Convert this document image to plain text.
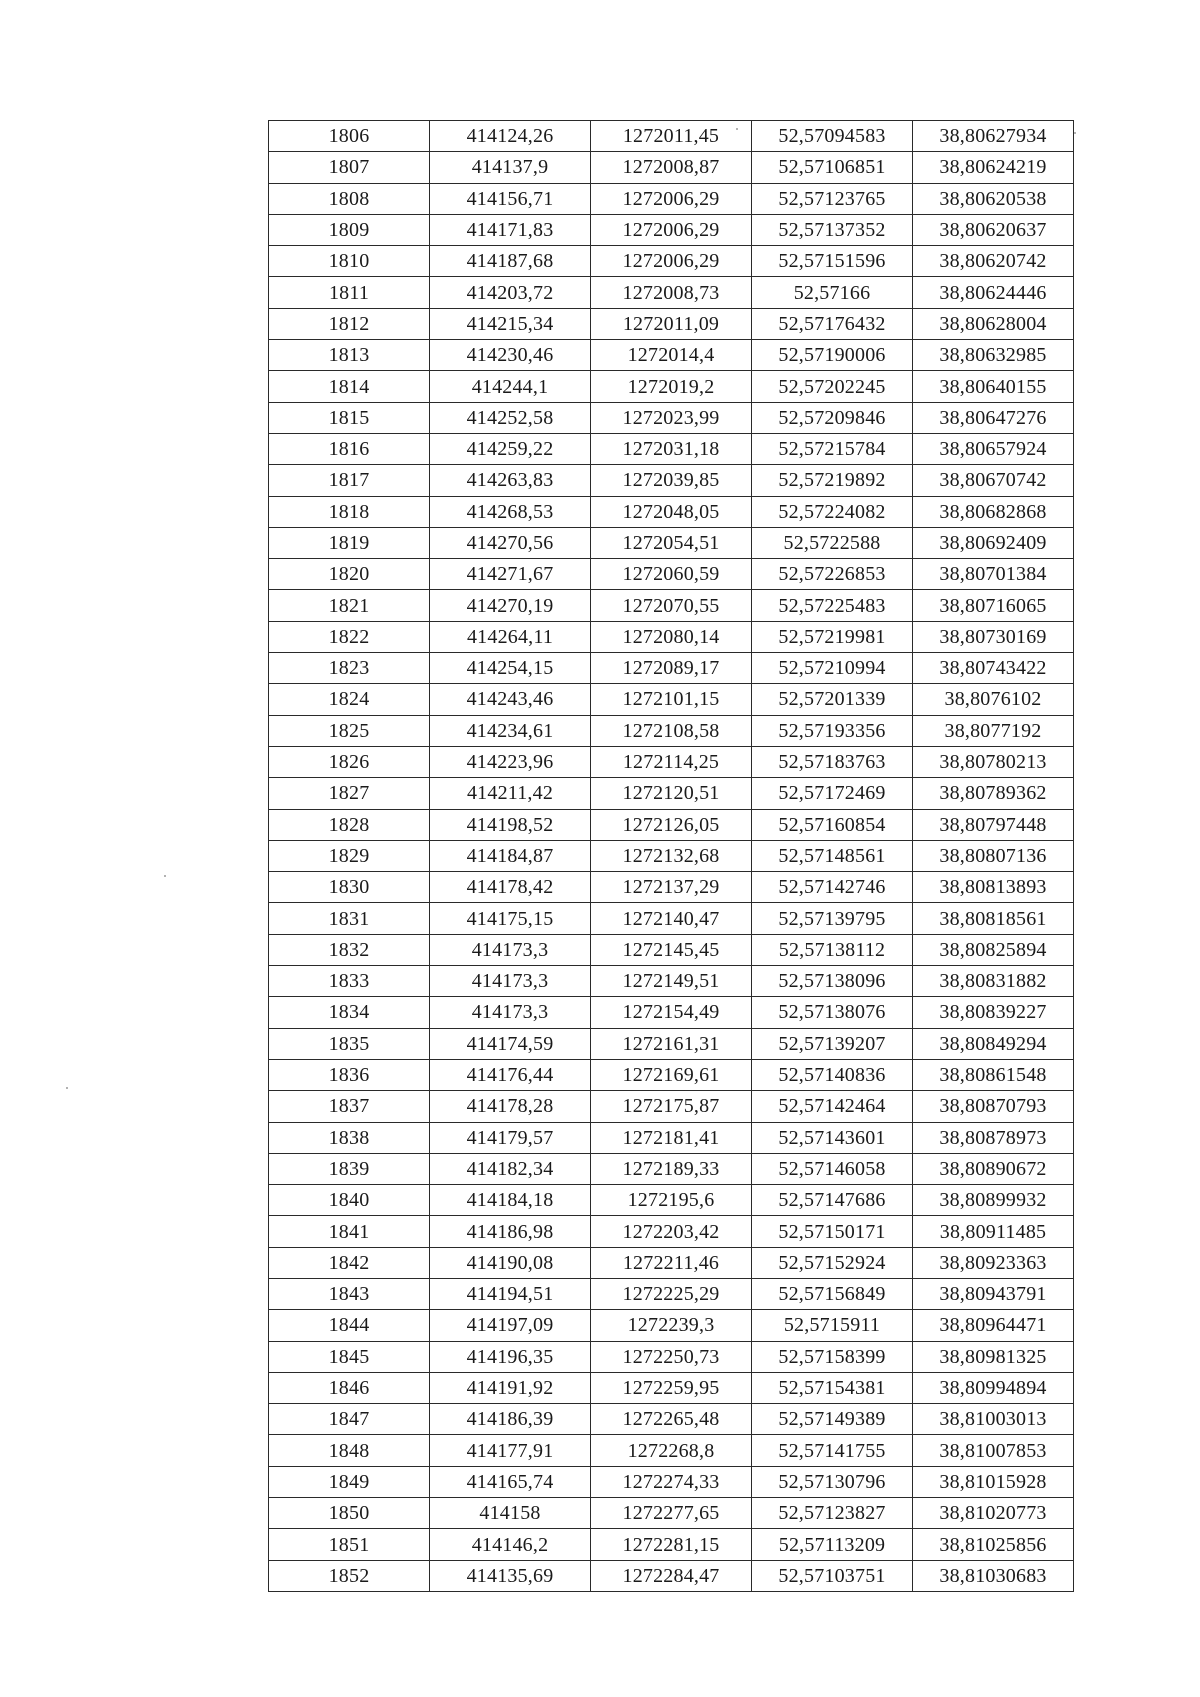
1806	414124,26	1272011,45	52,57094583	38,80627934
1807	414137,9	1272008,87	52,57106851	38,80624219
1808	414156,71	1272006,29	52,57123765	38,80620538
1809	414171,83	1272006,29	52,57137352	38,80620637
1810	414187,68	1272006,29	52,57151596	38,80620742
1811	414203,72	1272008,73	52,57166	38,80624446
1812	414215,34	1272011,09	52,57176432	38,80628004
1813	414230,46	1272014,4	52,57190006	38,80632985
1814	414244,1	1272019,2	52,57202245	38,80640155
1815	414252,58	1272023,99	52,57209846	38,80647276
1816	414259,22	1272031,18	52,57215784	38,80657924
1817	414263,83	1272039,85	52,57219892	38,80670742
1818	414268,53	1272048,05	52,57224082	38,80682868
1819	414270,56	1272054,51	52,5722588	38,80692409
1820	414271,67	1272060,59	52,57226853	38,80701384
1821	414270,19	1272070,55	52,57225483	38,80716065
1822	414264,11	1272080,14	52,57219981	38,80730169
1823	414254,15	1272089,17	52,57210994	38,80743422
1824	414243,46	1272101,15	52,57201339	38,8076102
1825	414234,61	1272108,58	52,57193356	38,8077192
1826	414223,96	1272114,25	52,57183763	38,80780213
1827	414211,42	1272120,51	52,57172469	38,80789362
1828	414198,52	1272126,05	52,57160854	38,80797448
1829	414184,87	1272132,68	52,57148561	38,80807136
1830	414178,42	1272137,29	52,57142746	38,80813893
1831	414175,15	1272140,47	52,57139795	38,80818561
1832	414173,3	1272145,45	52,57138112	38,80825894
1833	414173,3	1272149,51	52,57138096	38,80831882
1834	414173,3	1272154,49	52,57138076	38,80839227
1835	414174,59	1272161,31	52,57139207	38,80849294
1836	414176,44	1272169,61	52,57140836	38,80861548
1837	414178,28	1272175,87	52,57142464	38,80870793
1838	414179,57	1272181,41	52,57143601	38,80878973
1839	414182,34	1272189,33	52,57146058	38,80890672
1840	414184,18	1272195,6	52,57147686	38,80899932
1841	414186,98	1272203,42	52,57150171	38,80911485
1842	414190,08	1272211,46	52,57152924	38,80923363
1843	414194,51	1272225,29	52,57156849	38,80943791
1844	414197,09	1272239,3	52,5715911	38,80964471
1845	414196,35	1272250,73	52,57158399	38,80981325
1846	414191,92	1272259,95	52,57154381	38,80994894
1847	414186,39	1272265,48	52,57149389	38,81003013
1848	414177,91	1272268,8	52,57141755	38,81007853
1849	414165,74	1272274,33	52,57130796	38,81015928
1850	414158	1272277,65	52,57123827	38,81020773
1851	414146,2	1272281,15	52,57113209	38,81025856
1852	414135,69	1272284,47	52,57103751	38,81030683
